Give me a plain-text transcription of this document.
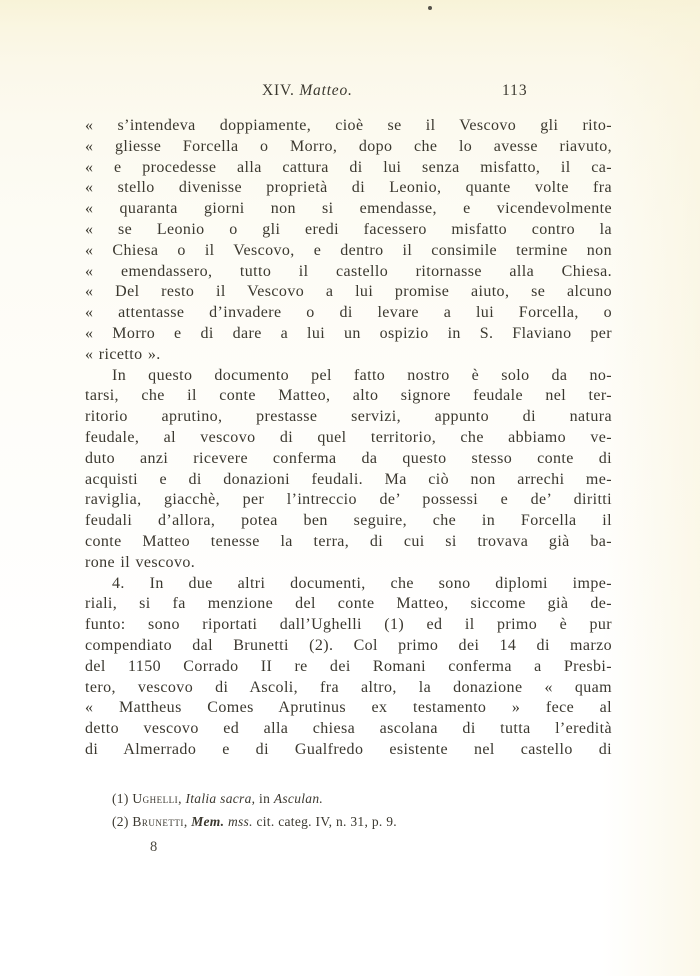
XIV. Matteo.	113
« s’intendeva doppiamente, cioè se il Vescovo gli rito-
« gliesse Forcella o Morro, dopo che lo avesse riavuto,
« e procedesse alla cattura di lui senza misfatto, il ca-
« stello divenisse proprietà di Leonio, quante volte fra
« quaranta giorni non si emendasse, e vicendevolmente
« se Leonio o gli eredi facessero misfatto contro la
« Chiesa o il Vescovo, e dentro il consimile termine non
« emendassero, tutto il castello ritornasse alla Chiesa.
« Del resto il Vescovo a lui promise aiuto, se alcuno
« attentasse d’invadere o di levare a lui Forcella, o
« Morro e di dare a lui un ospizio in S. Flaviano per
« ricetto ».
In questo documento pel fatto nostro è solo da no-
tarsi, che il conte Matteo, alto signore feudale nel ter-
ritorio aprutino, prestasse servizi, appunto di natura
feudale, al vescovo di quel territorio, che abbiamo ve-
duto anzi ricevere conferma da questo stesso conte di
acquisti e di donazioni feudali. Ma ciò non arrechi me-
raviglia, giacchè, per l’intreccio de’ possessi e de’ diritti
feudali d’allora, potea ben seguire, che in Forcella il
conte Matteo tenesse la terra, di cui si trovava già ba-
rone il vescovo.
4. In due altri documenti, che sono diplomi impe-
riali, si fa menzione del conte Matteo, siccome già de-
funto: sono riportati dall’Ughelli (1) ed il primo è pur
compendiato dal Brunetti (2). Col primo dei 14 di marzo
del 1150 Corrado II re dei Romani conferma a Presbi-
tero, vescovo di Ascoli, fra altro, la donazione « quam
« Mattheus Comes Aprutinus ex testamento » fece al
detto vescovo ed alla chiesa ascolana di tutta l’eredità
di Almerrado e di Gualfredo esistente nel castello di
(1) Ughelli, Italia sacra, in Asculan.
(2) Brunetti, Mem. mss. cit. categ. IV, n. 31, p. 9.
8
